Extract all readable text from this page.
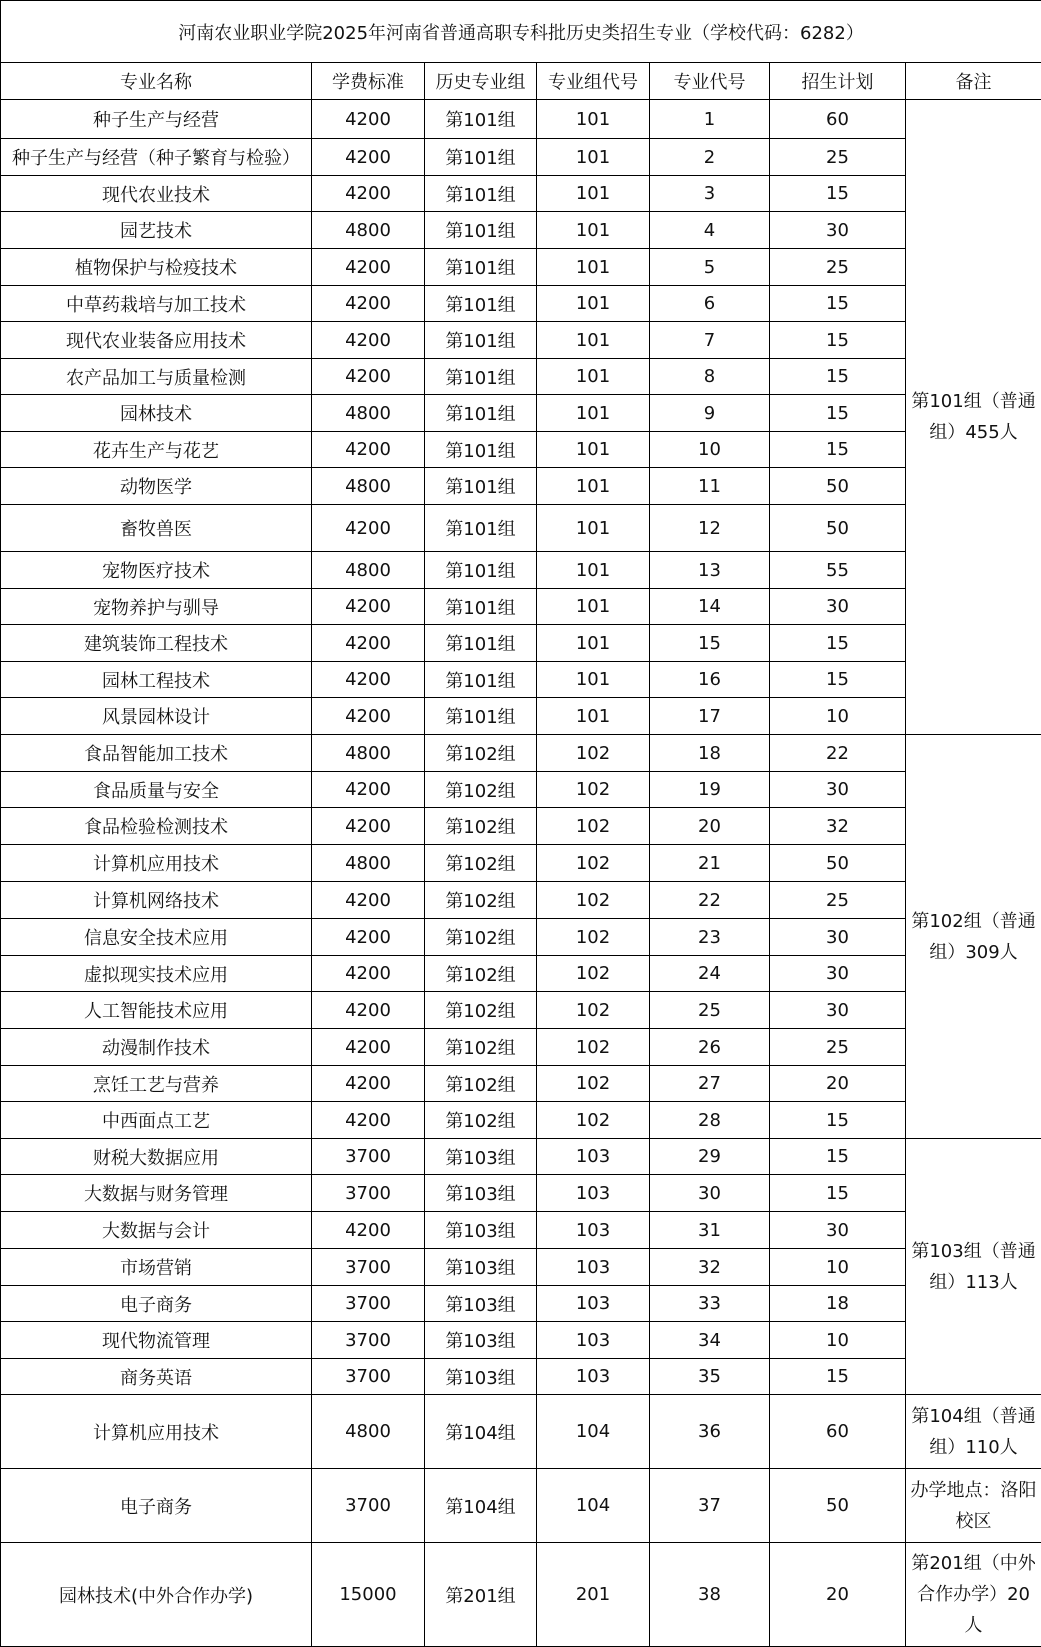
河南农业职业学院2025年河南省普通高职专科批历史类招生专业（学校代码：6282）						
专业名称	学费标准	历史专业组	专业组代号	专业代号	招生计划	备注
种子生产与经营	4200	第101组	101	1	60	第101组（普通组）455人
种子生产与经营（种子繁育与检验）	4200	第101组	101	2	25	
现代农业技术	4200	第101组	101	3	15	
园艺技术	4800	第101组	101	4	30	
植物保护与检疫技术	4200	第101组	101	5	25	
中草药栽培与加工技术	4200	第101组	101	6	15	
现代农业装备应用技术	4200	第101组	101	7	15	
农产品加工与质量检测	4200	第101组	101	8	15	
园林技术	4800	第101组	101	9	15	
花卉生产与花艺	4200	第101组	101	10	15	
动物医学	4800	第101组	101	11	50	
畜牧兽医	4200	第101组	101	12	50	
宠物医疗技术	4800	第101组	101	13	55	
宠物养护与驯导	4200	第101组	101	14	30	
建筑装饰工程技术	4200	第101组	101	15	15	
园林工程技术	4200	第101组	101	16	15	
风景园林设计	4200	第101组	101	17	10	
食品智能加工技术	4800	第102组	102	18	22	第102组（普通组）309人
食品质量与安全	4200	第102组	102	19	30	
食品检验检测技术	4200	第102组	102	20	32	
计算机应用技术	4800	第102组	102	21	50	
计算机网络技术	4200	第102组	102	22	25	
信息安全技术应用	4200	第102组	102	23	30	
虚拟现实技术应用	4200	第102组	102	24	30	
人工智能技术应用	4200	第102组	102	25	30	
动漫制作技术	4200	第102组	102	26	25	
烹饪工艺与营养	4200	第102组	102	27	20	
中西面点工艺	4200	第102组	102	28	15	
财税大数据应用	3700	第103组	103	29	15	第103组（普通组）113人
大数据与财务管理	3700	第103组	103	30	15	
大数据与会计	4200	第103组	103	31	30	
市场营销	3700	第103组	103	32	10	
电子商务	3700	第103组	103	33	18	
现代物流管理	3700	第103组	103	34	10	
商务英语	3700	第103组	103	35	15	
计算机应用技术	4800	第104组	104	36	60	第104组（普通组）110人
电子商务	3700	第104组	104	37	50	办学地点：洛阳校区
园林技术(中外合作办学)	15000	第201组	201	38	20	第201组（中外合作办学）20人
